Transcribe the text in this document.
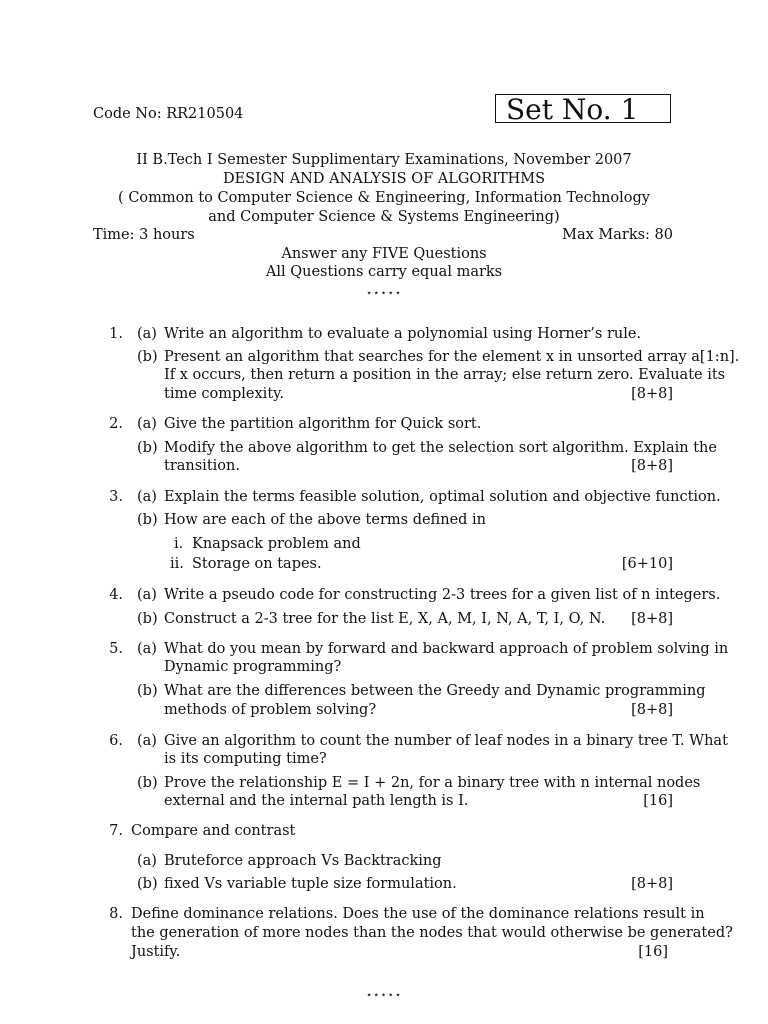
Code No: RR210504	Set No. 1
II B.Tech I Semester Supplimentary Examinations, November 2007
DESIGN AND ANALYSIS OF ALGORITHMS
( Common to Computer Science & Engineering, Information Technology
and Computer Science & Systems Engineering)
Time: 3 hours	Max Marks: 80
Answer any FIVE Questions
All Questions carry equal marks
⋆⋆⋆⋆⋆
1. (a) Write an algorithm to evaluate a polynomial using Horner’s rule.
(b) Present an algorithm that searches for the element x in unsorted array a[1:n].
If x occurs, then return a position in the array; else return zero. Evaluate its
time complexity.	[8+8]
2. (a) Give the partition algorithm for Quick sort.
(b) Modify the above algorithm to get the selection sort algorithm. Explain the
transition.	[8+8]
3. (a) Explain the terms feasible solution, optimal solution and objective function.
(b) How are each of the above terms defined in
i. Knapsack problem and
ii. Storage on tapes.	[6+10]
4. (a) Write a pseudo code for constructing 2-3 trees for a given list of n integers.
(b) Construct a 2-3 tree for the list E, X, A, M, I, N, A, T, I, O, N. [8+8]
5. (a) What do you mean by forward and backward approach of problem solving in
Dynamic programming?
(b) What are the differences between the Greedy and Dynamic programming
methods of problem solving?	[8+8]
6. (a) Give an algorithm to count the number of leaf nodes in a binary tree T. What
is its computing time?
(b) Prove the relationship E = I + 2n, for a binary tree with n internal nodes
external and the internal path length is I.	[16]
7. Compare and contrast
(a) Bruteforce approach Vs Backtracking
(b) fixed Vs variable tuple size formulation.	[8+8]
8. Define dominance relations. Does the use of the dominance relations result in
the generation of more nodes than the nodes that would otherwise be generated?
Justify.	[16]
⋆⋆⋆⋆⋆
